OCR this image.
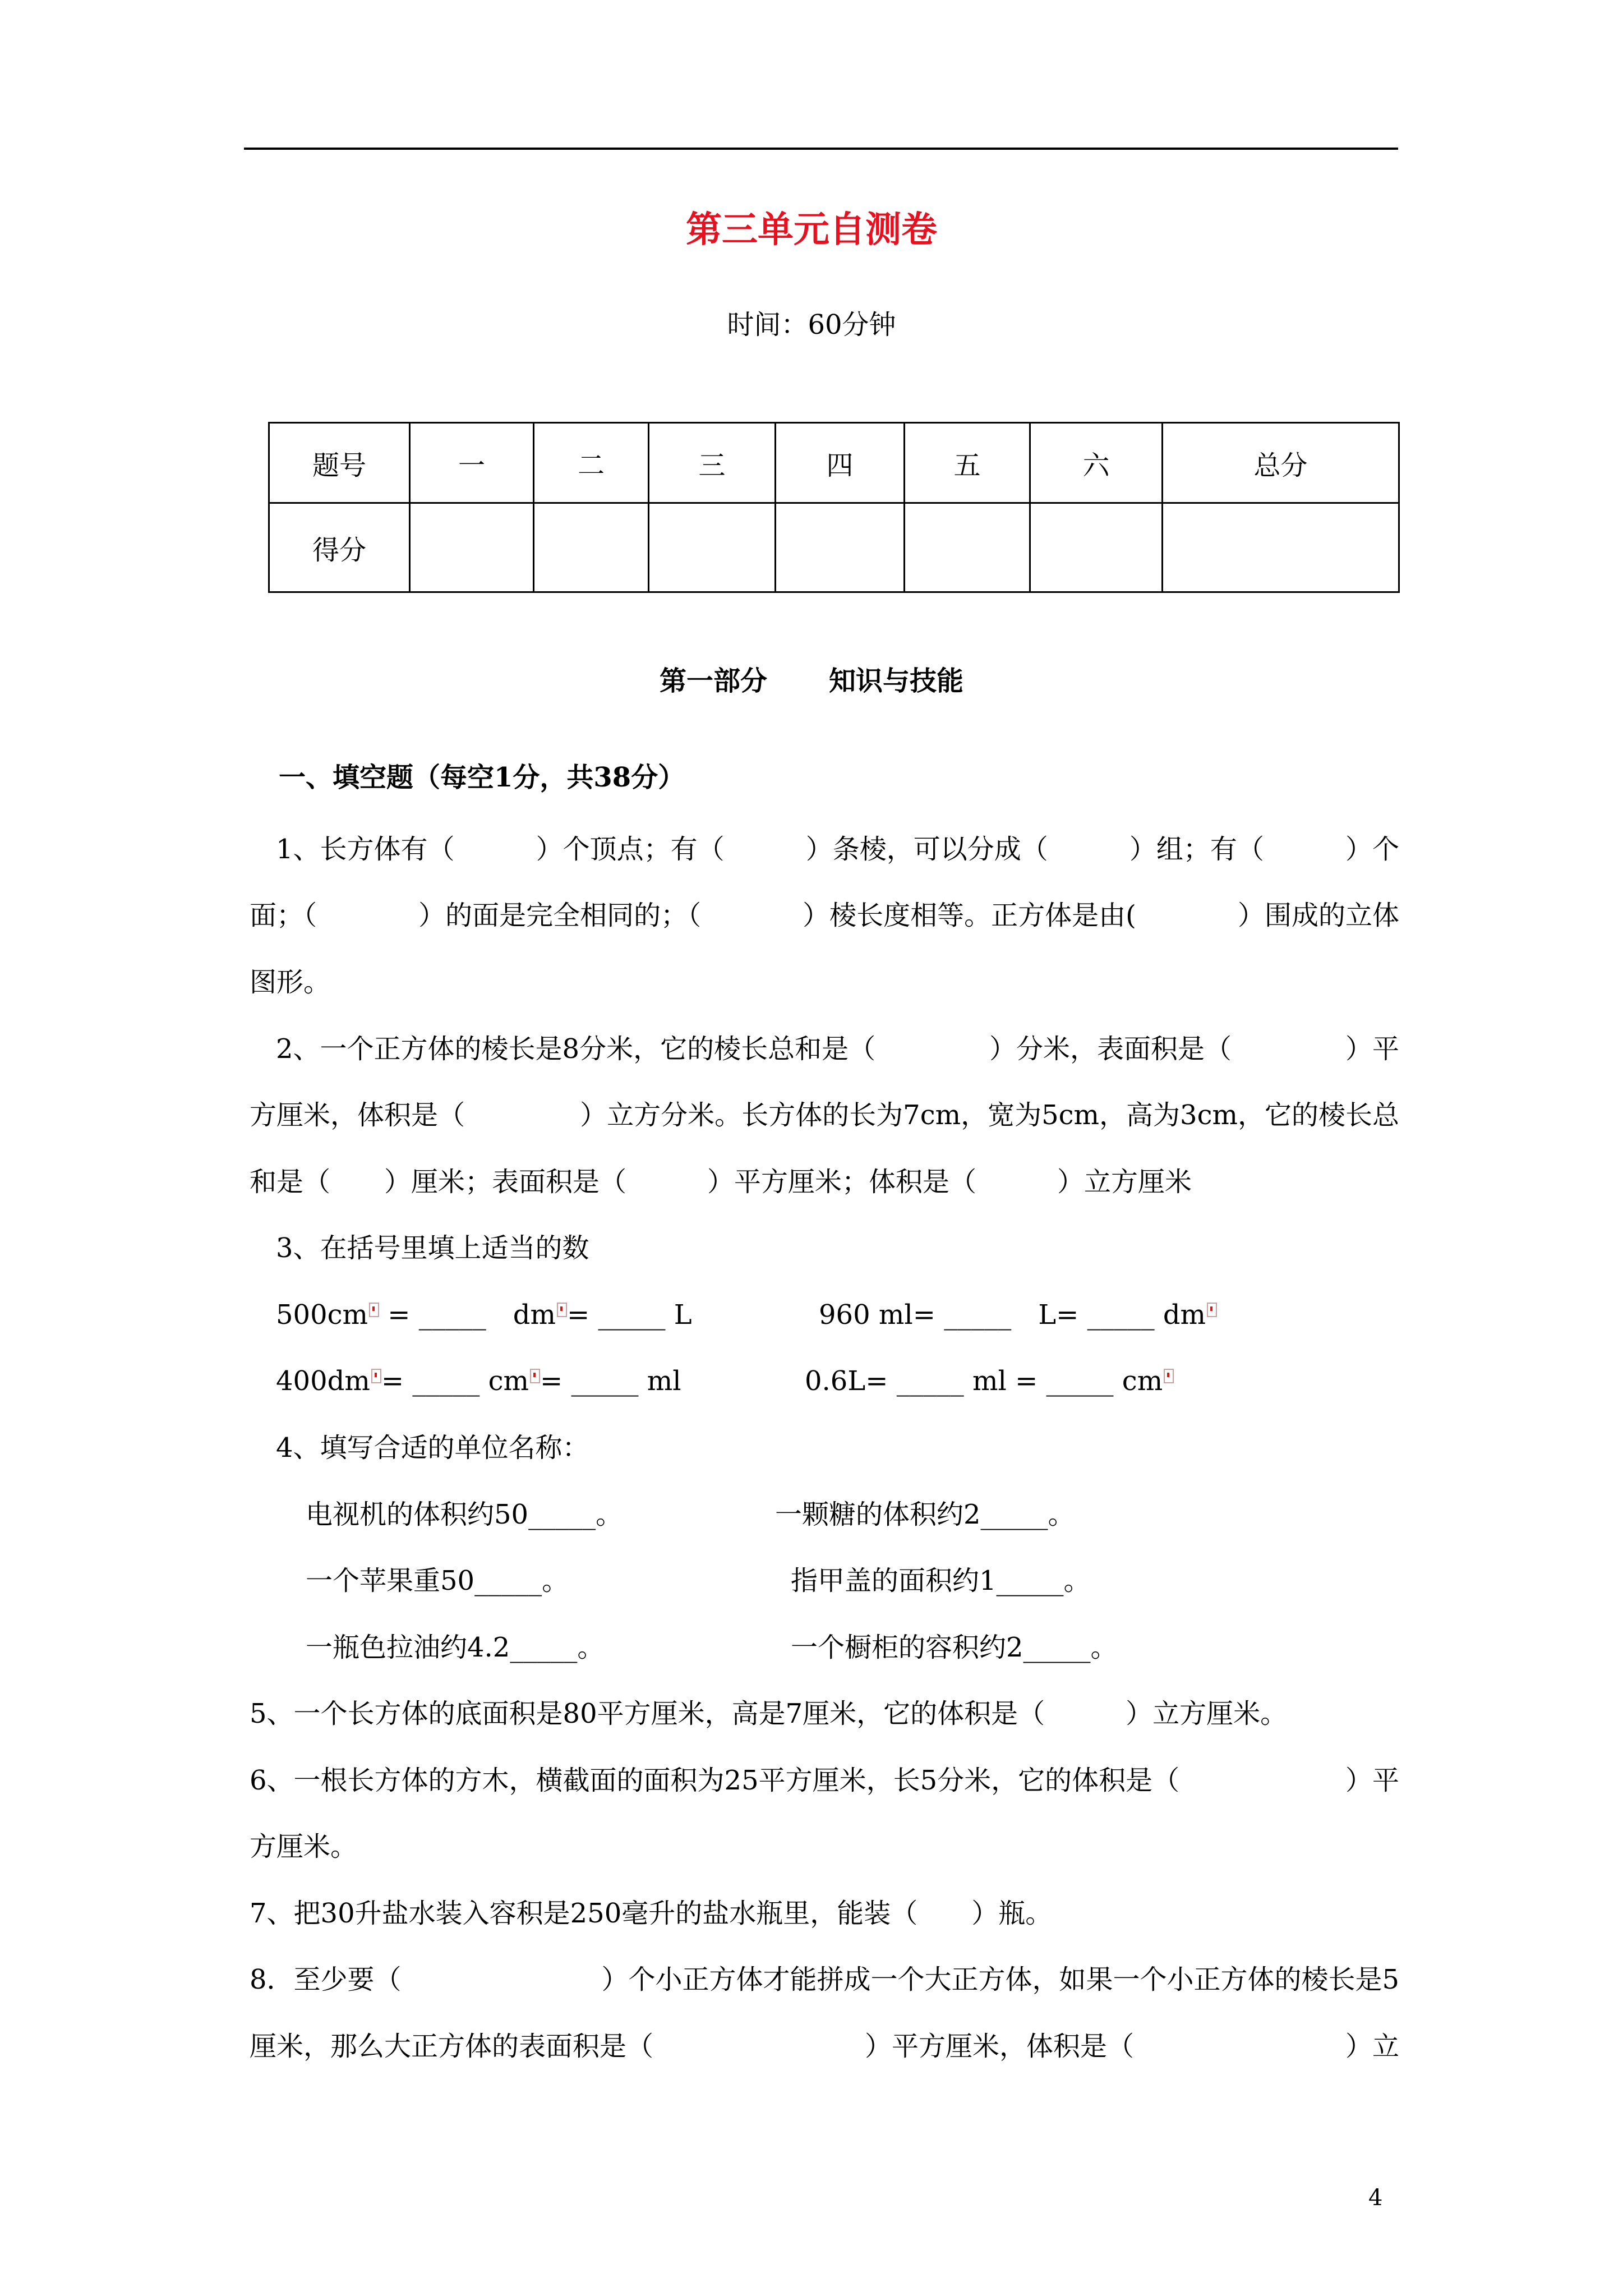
第三单元自测卷
时间：60分钟
题号	一	二	三	四	五	六	总分
得分							
第一部分 知识与技能
一、填空题（每空1分，共38分）
1、长方体有（	）个顶点；有（	）条棱，可以分成（	）组；有（	）个
面；（	）的面是完全相同的；（	）棱长度相等。正方体是由(	）围成的立体
图形。
2、一个正方体的棱长是8分米，它的棱长总和是（	）分米，表面积是（	）平
方厘米，体积是（	）立方分米。长方体的长为7cm，宽为5cm，高为3cm，它的棱长总
和是（　　）厘米；表面积是（　　　）平方厘米；体积是（　　　）立方厘米
3、在括号里填上适当的数
500cm = _____　dm = _____ L	960 ml= _____　L= _____ dm
400dm = _____ cm = _____ ml	0.6L= _____ ml = _____ cm
4、填写合适的单位名称：
电视机的体积约50_____。	一颗糖的体积约2_____。
一个苹果重50_____。	指甲盖的面积约1_____。
一瓶色拉油约4.2_____。	一个橱柜的容积约2_____。
5、一个长方体的底面积是80平方厘米，高是7厘米，它的体积是（　　　）立方厘米。
6、一根长方体的方木，横截面的面积为25平方厘米，长5分米，它的体积是（	）平
方厘米。
7、把30升盐水装入容积是250毫升的盐水瓶里，能装（　　）瓶。
8．至少要（	）个小正方体才能拼成一个大正方体，如果一个小正方体的棱长是5
厘米，那么大正方体的表面积是（	）平方厘米，体积是（	）立
4
